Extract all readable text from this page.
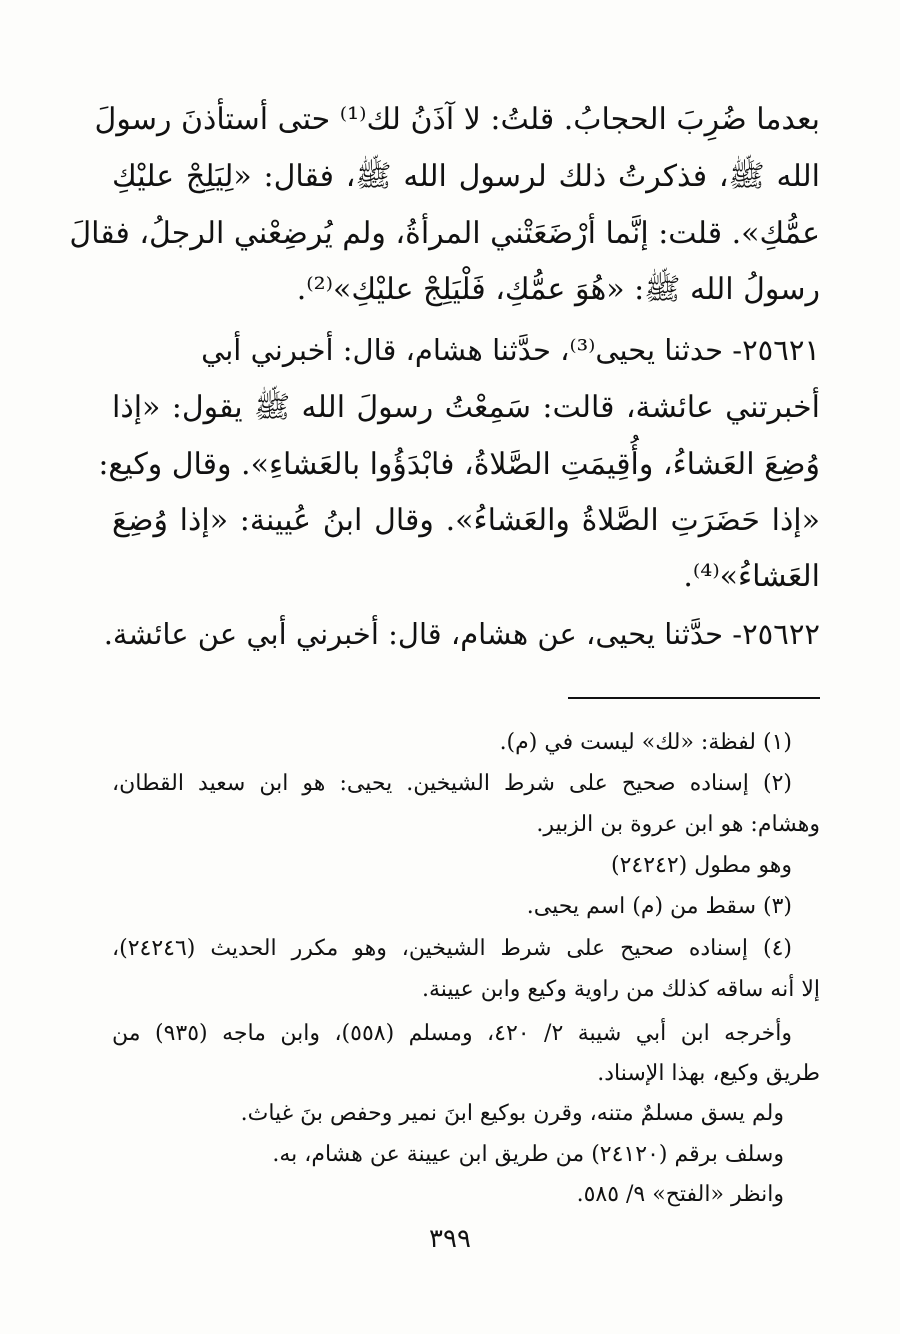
بعدما ضُرِبَ الحجابُ. قلتُ: لا آذَنُ لك⁽¹⁾ حتى أستأذنَ رسولَ
الله ﷺ، فذكرتُ ذلك لرسول الله ﷺ، فقال: «لِيَلِجْ عليْكِ
عمُّكِ». قلت: إنَّما أرْضَعَتْني المرأةُ، ولم يُرضِعْني الرجلُ، فقالَ
رسولُ الله ﷺ: «هُوَ عمُّكِ، فَلْيَلِجْ عليْكِ»⁽²⁾.
٢٥٦٢١- حدثنا يحيى⁽³⁾، حدَّثنا هشام، قال: أخبرني أبي
أخبرتني عائشة، قالت: سَمِعْتُ رسولَ الله ﷺ يقول: «إذا
وُضِعَ العَشاءُ، وأُقِيمَتِ الصَّلاةُ، فابْدَؤُوا بالعَشاءِ». وقال وكيع:
«إذا حَضَرَتِ الصَّلاةُ والعَشاءُ». وقال ابنُ عُيينة: «إذا وُضِعَ
العَشاءُ»⁽⁴⁾.
٢٥٦٢٢- حدَّثنا يحيى، عن هشام، قال: أخبرني أبي عن عائشة.
(١) لفظة: «لك» ليست في (م).
(٢) إسناده صحيح على شرط الشيخين. يحيى: هو ابن سعيد القطان،
وهشام: هو ابن عروة بن الزبير.
وهو مطول (٢٤٢٤٢)
(٣) سقط من (م) اسم يحيى.
(٤) إسناده صحيح على شرط الشيخين، وهو مكرر الحديث (٢٤٢٤٦)،
إلا أنه ساقه كذلك من راوية وكيع وابن عيينة.
وأخرجه ابن أبي شيبة ٢/ ٤٢٠، ومسلم (٥٥٨)، وابن ماجه (٩٣٥) من
طريق وكيع، بهذا الإسناد.
ولم يسق مسلمٌ متنه، وقرن بوكيع ابنَ نمير وحفص بنَ غياث.
وسلف برقم (٢٤١٢٠) من طريق ابن عيينة عن هشام، به.
وانظر «الفتح» ٩/ ٥٨٥.
٣٩٩
